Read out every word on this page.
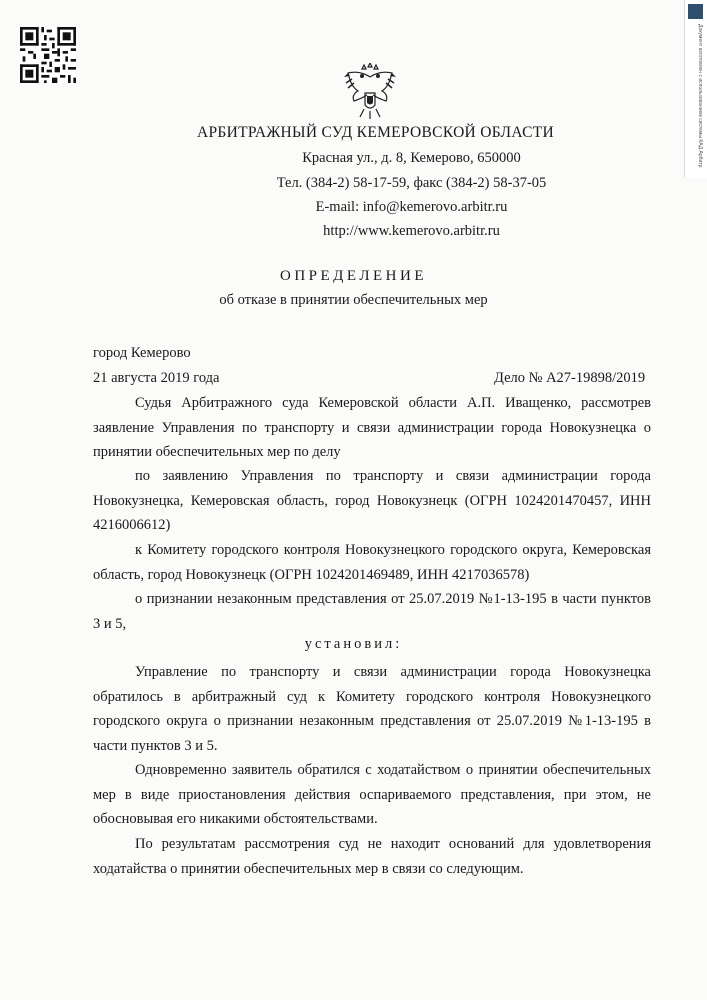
Документ изготовлен с использованием системы КАД Арбитр
АРБИТРАЖНЫЙ СУД КЕМЕРОВСКОЙ ОБЛАСТИ
Красная ул., д. 8, Кемерово, 650000
Тел. (384-2) 58-17-59, факс (384-2) 58-37-05
E-mail: info@kemerovo.arbitr.ru
http://www.kemerovo.arbitr.ru
ОПРЕДЕЛЕНИЕ
об отказе в принятии обеспечительных мер
город Кемерово
21 августа 2019 года	Дело № А27-19898/2019
Судья Арбитражного суда Кемеровской области А.П. Иващенко, рассмотрев заявление Управления по транспорту и связи администрации города Новокузнецка о принятии обеспечительных мер по делу
по заявлению Управления по транспорту и связи администрации города Новокузнецка, Кемеровская область, город Новокузнецк (ОГРН 1024201470457, ИНН 4216006612)
к Комитету городского контроля Новокузнецкого городского округа, Кемеровская область, город Новокузнецк (ОГРН 1024201469489, ИНН 4217036578)
о признании незаконным представления от 25.07.2019 №1-13-195 в части пунктов 3 и 5,
установил:
Управление по транспорту и связи администрации города Новокузнецка обратилось в арбитражный суд к Комитету городского контроля Новокузнецкого городского округа о признании незаконным представления от 25.07.2019 №1-13-195 в части пунктов 3 и 5.
Одновременно заявитель обратился с ходатайством о принятии обеспечительных мер в виде приостановления действия оспариваемого представления, при этом, не обосновывая его никакими обстоятельствами.
По результатам рассмотрения суд не находит оснований для удовлетворения ходатайства о принятии обеспечительных мер в связи со следующим.
